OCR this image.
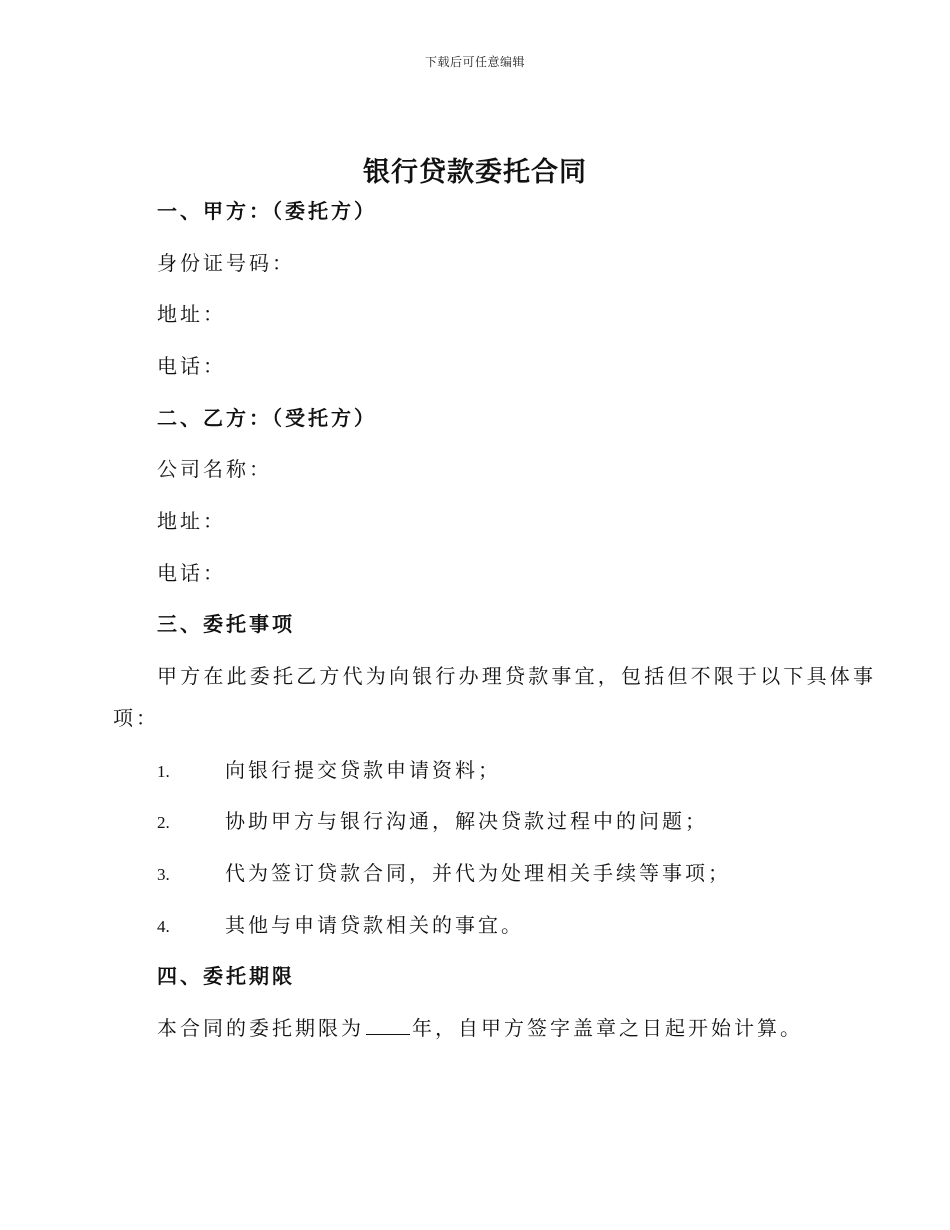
下载后可任意编辑
银行贷款委托合同
一、甲方：（委托方）
身份证号码：
地址：
电话：
二、乙方：（受托方）
公司名称：
地址：
电话：
三、委托事项
甲方在此委托乙方代为向银行办理贷款事宜，包括但不限于以下具体事
项：
1.	向银行提交贷款申请资料；
2.	协助甲方与银行沟通，解决贷款过程中的问题；
3.	代为签订贷款合同，并代为处理相关手续等事项；
4.	其他与申请贷款相关的事宜。
四、委托期限
本合同的委托期限为 年，自甲方签字盖章之日起开始计算。
